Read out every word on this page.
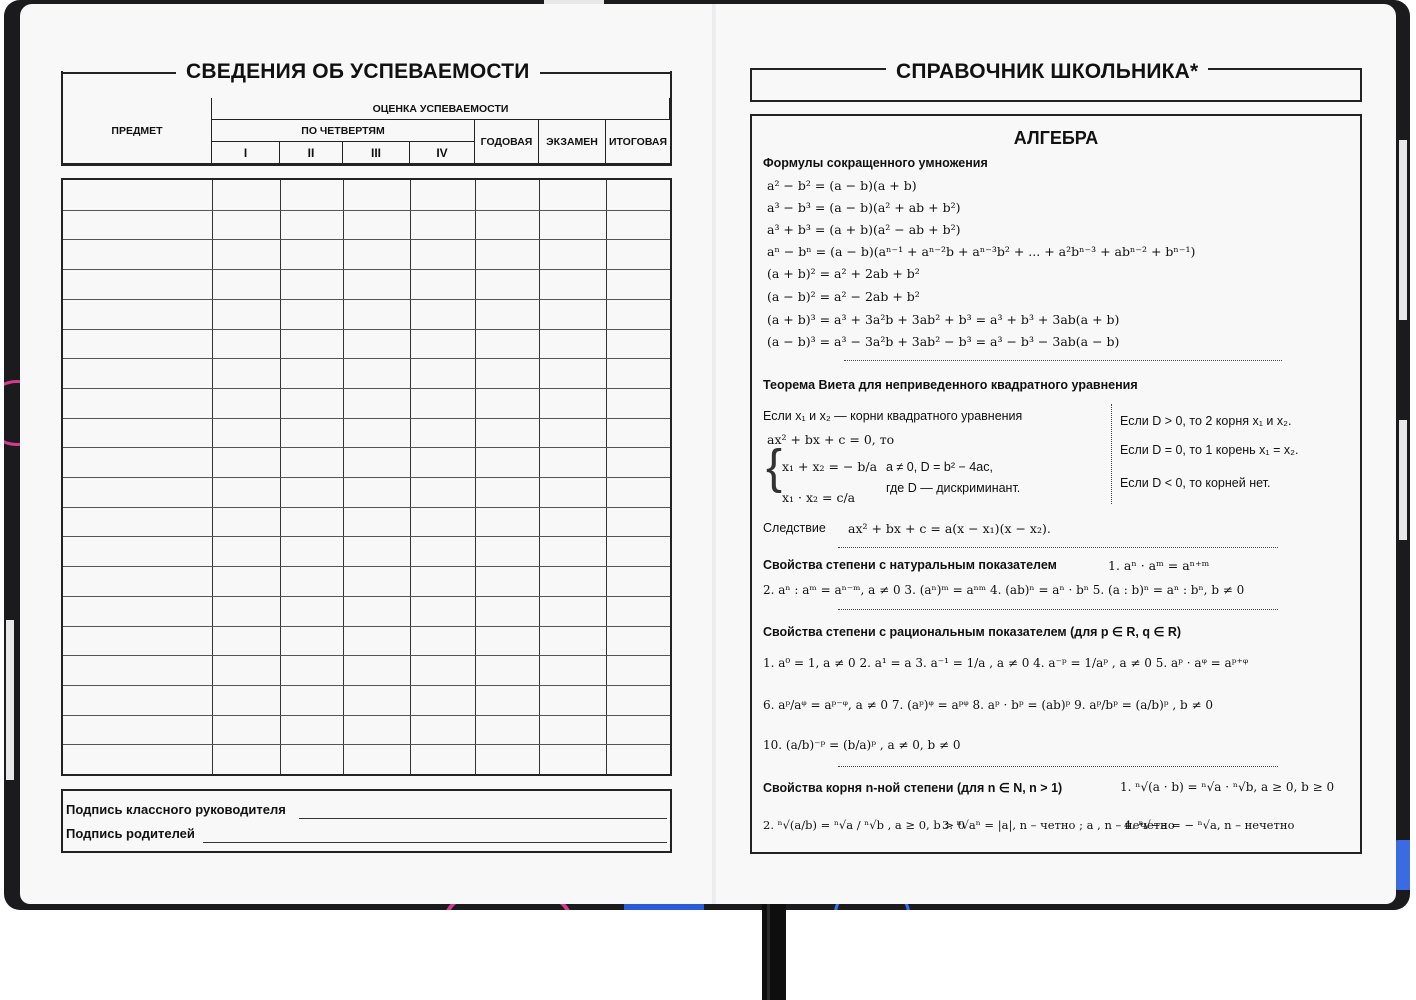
СВЕДЕНИЯ ОБ УСПЕВАЕМОСТИ
ПРЕДМЕТ
ОЦЕНКА УСПЕВАЕМОСТИ
ПО ЧЕТВЕРТЯМ
I	II	III	IV
ГОДОВАЯ	ЭКЗАМЕН	ИТОГОВАЯ
Подпись классного руководителя
Подпись родителей
СПРАВОЧНИК ШКОЛЬНИКА*
АЛГЕБРА
Формулы сокращенного умножения
a² − b² = (a − b)(a + b)
a³ − b³ = (a − b)(a² + ab + b²)
a³ + b³ = (a + b)(a² − ab + b²)
aⁿ − bⁿ = (a − b)(aⁿ⁻¹ + aⁿ⁻²b + aⁿ⁻³b² + ... + a²bⁿ⁻³ + abⁿ⁻² + bⁿ⁻¹)
(a + b)² = a² + 2ab + b²
(a − b)² = a² − 2ab + b²
(a + b)³ = a³ + 3a²b + 3ab² + b³ = a³ + b³ + 3ab(a + b)
(a − b)³ = a³ − 3a²b + 3ab² − b³ = a³ − b³ − 3ab(a − b)
Теорема Виета для неприведенного квадратного уравнения
Если x₁ и x₂ — корни квадратного уравнения
ax² + bx + c = 0, то
{ x₁ + x₂ = − b/a
x₁ · x₂ = c/a
a ≠ 0, D = b² − 4ac,
где D — дискриминант.
Если D > 0, то 2 корня x₁ и x₂.
Если D = 0, то 1 корень x₁ = x₂.
Если D < 0, то корней нет.
Следствие ax² + bx + c = a(x − x₁)(x − x₂).
Свойства степени с натуральным показателем	1. aⁿ · aᵐ = aⁿ⁺ᵐ
2. aⁿ : aᵐ = aⁿ⁻ᵐ, a ≠ 0 3. (aⁿ)ᵐ = aⁿᵐ 4. (ab)ⁿ = aⁿ · bⁿ 5. (a : b)ⁿ = aⁿ : bⁿ, b ≠ 0
Свойства степени с рациональным показателем (для p ∈ R, q ∈ R)
1. a⁰ = 1, a ≠ 0 2. a¹ = a 3. a⁻¹ = 1/a , a ≠ 0 4. a⁻ᵖ = 1/aᵖ , a ≠ 0 5. aᵖ · aᵠ = aᵖ⁺ᵠ
6. aᵖ/aᵠ = aᵖ⁻ᵠ, a ≠ 0 7. (aᵖ)ᵠ = aᵖᵠ 8. aᵖ · bᵖ = (ab)ᵖ 9. aᵖ/bᵖ = (a/b)ᵖ , b ≠ 0
10. (a/b)⁻ᵖ = (b/a)ᵖ , a ≠ 0, b ≠ 0
Свойства корня n-ной степени (для n ∈ N, n > 1)	1. ⁿ√(a · b) = ⁿ√a · ⁿ√b, a ≥ 0, b ≥ 0
2. ⁿ√(a/b) = ⁿ√a / ⁿ√b , a ≥ 0, b > 0
3. ⁿ√aⁿ = |a|, n – четно ; a , n – нечетно
4. ⁿ√−a = − ⁿ√a, n – нечетно
